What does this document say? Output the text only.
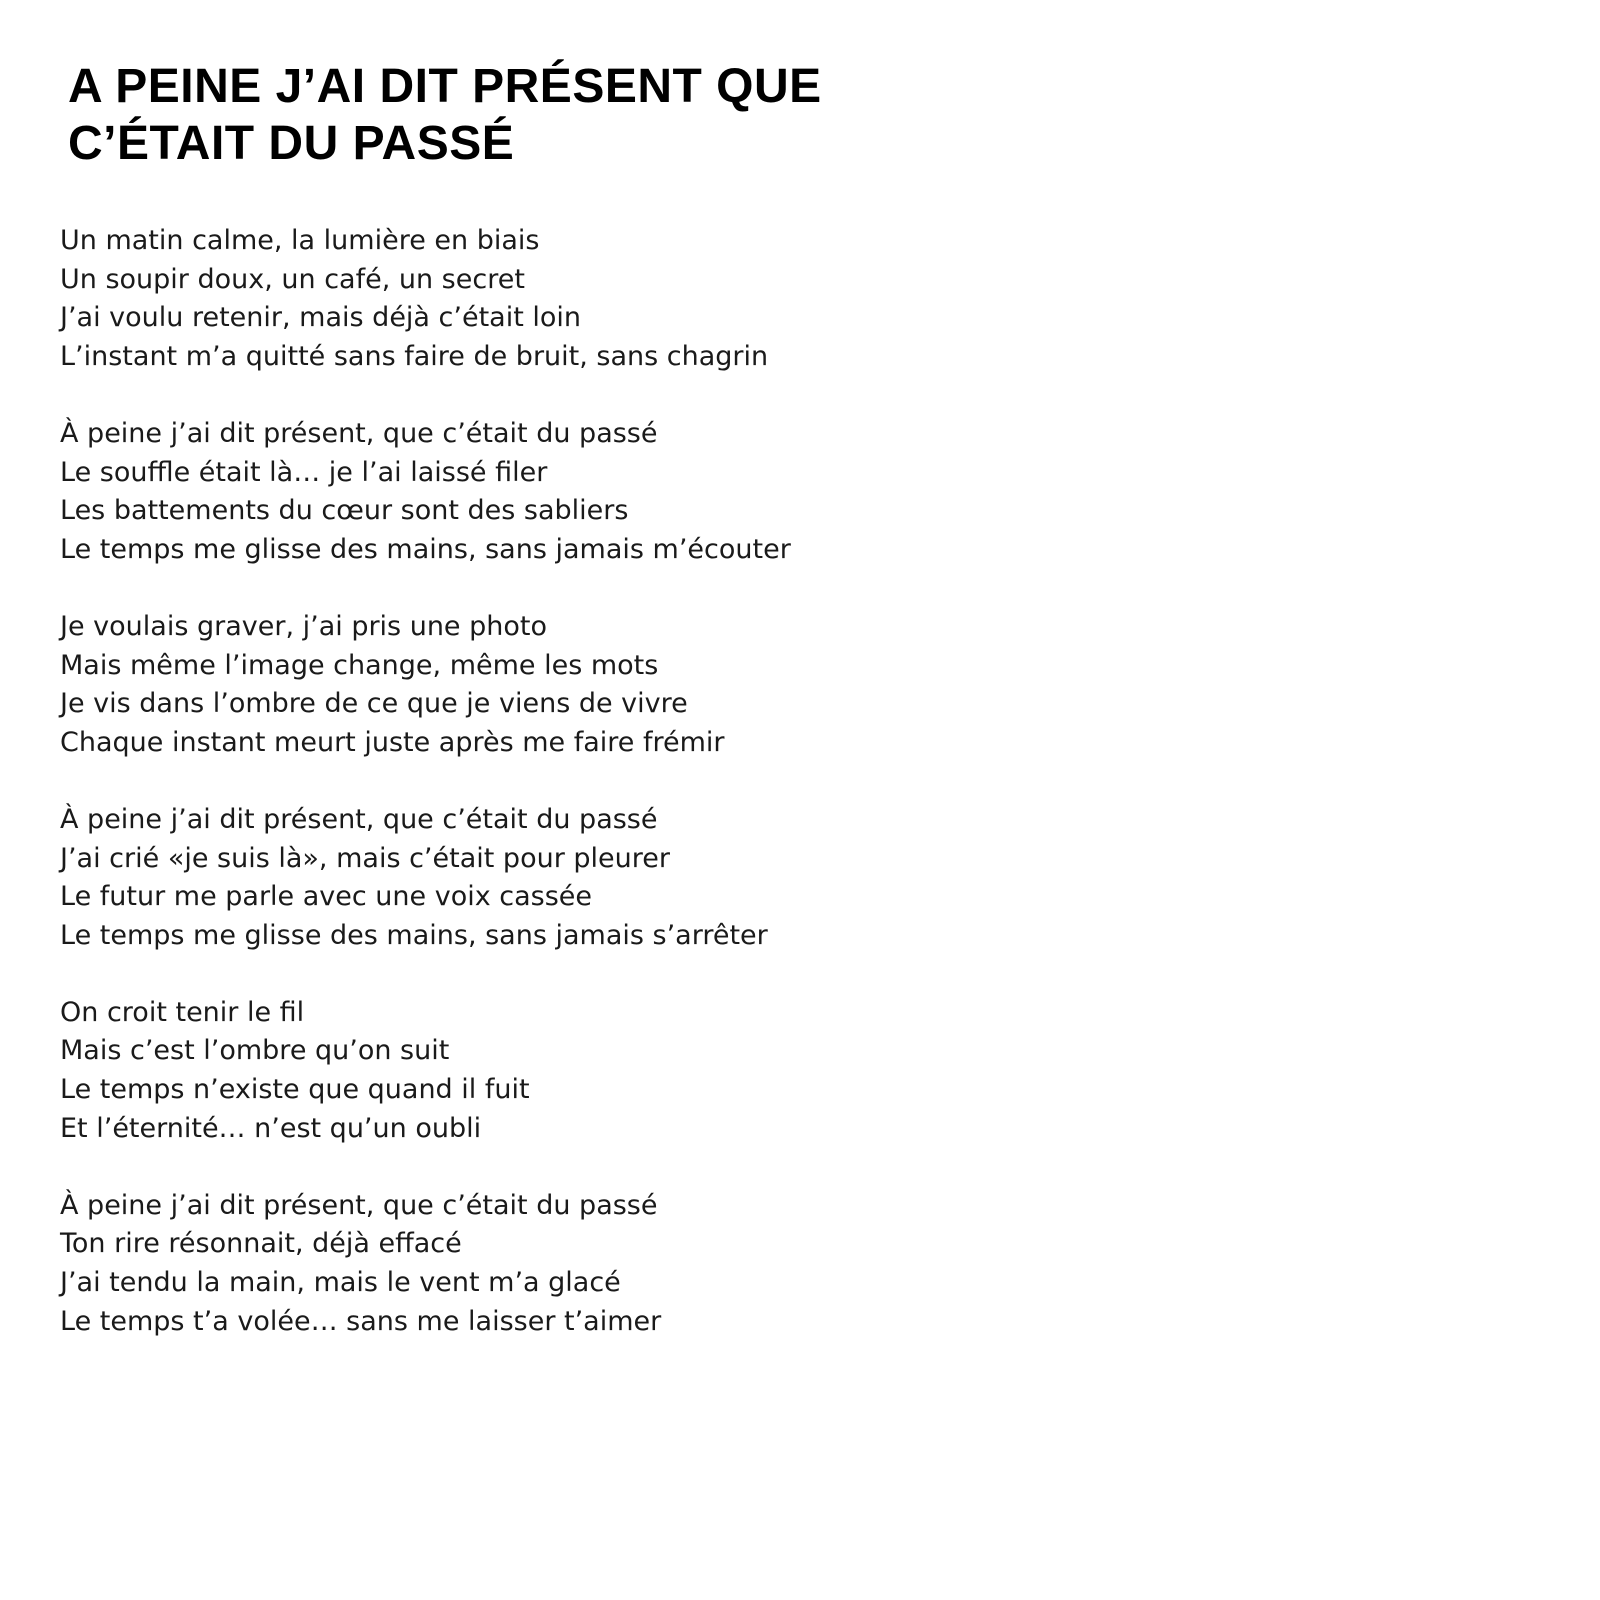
A PEINE J’AI DIT PRÉSENT QUE
C’ÉTAIT DU PASSÉ
Un matin calme, la lumière en biais
Un soupir doux, un café, un secret
J’ai voulu retenir, mais déjà c’était loin
L’instant m’a quitté sans faire de bruit, sans chagrin
À peine j’ai dit présent, que c’était du passé
Le souffle était là… je l’ai laissé filer
Les battements du cœur sont des sabliers
Le temps me glisse des mains, sans jamais m’écouter
Je voulais graver, j’ai pris une photo
Mais même l’image change, même les mots
Je vis dans l’ombre de ce que je viens de vivre
Chaque instant meurt juste après me faire frémir
À peine j’ai dit présent, que c’était du passé
J’ai crié «je suis là», mais c’était pour pleurer
Le futur me parle avec une voix cassée
Le temps me glisse des mains, sans jamais s’arrêter
On croit tenir le fil
Mais c’est l’ombre qu’on suit
Le temps n’existe que quand il fuit
Et l’éternité… n’est qu’un oubli
À peine j’ai dit présent, que c’était du passé
Ton rire résonnait, déjà effacé
J’ai tendu la main, mais le vent m’a glacé
Le temps t’a volée… sans me laisser t’aimer
